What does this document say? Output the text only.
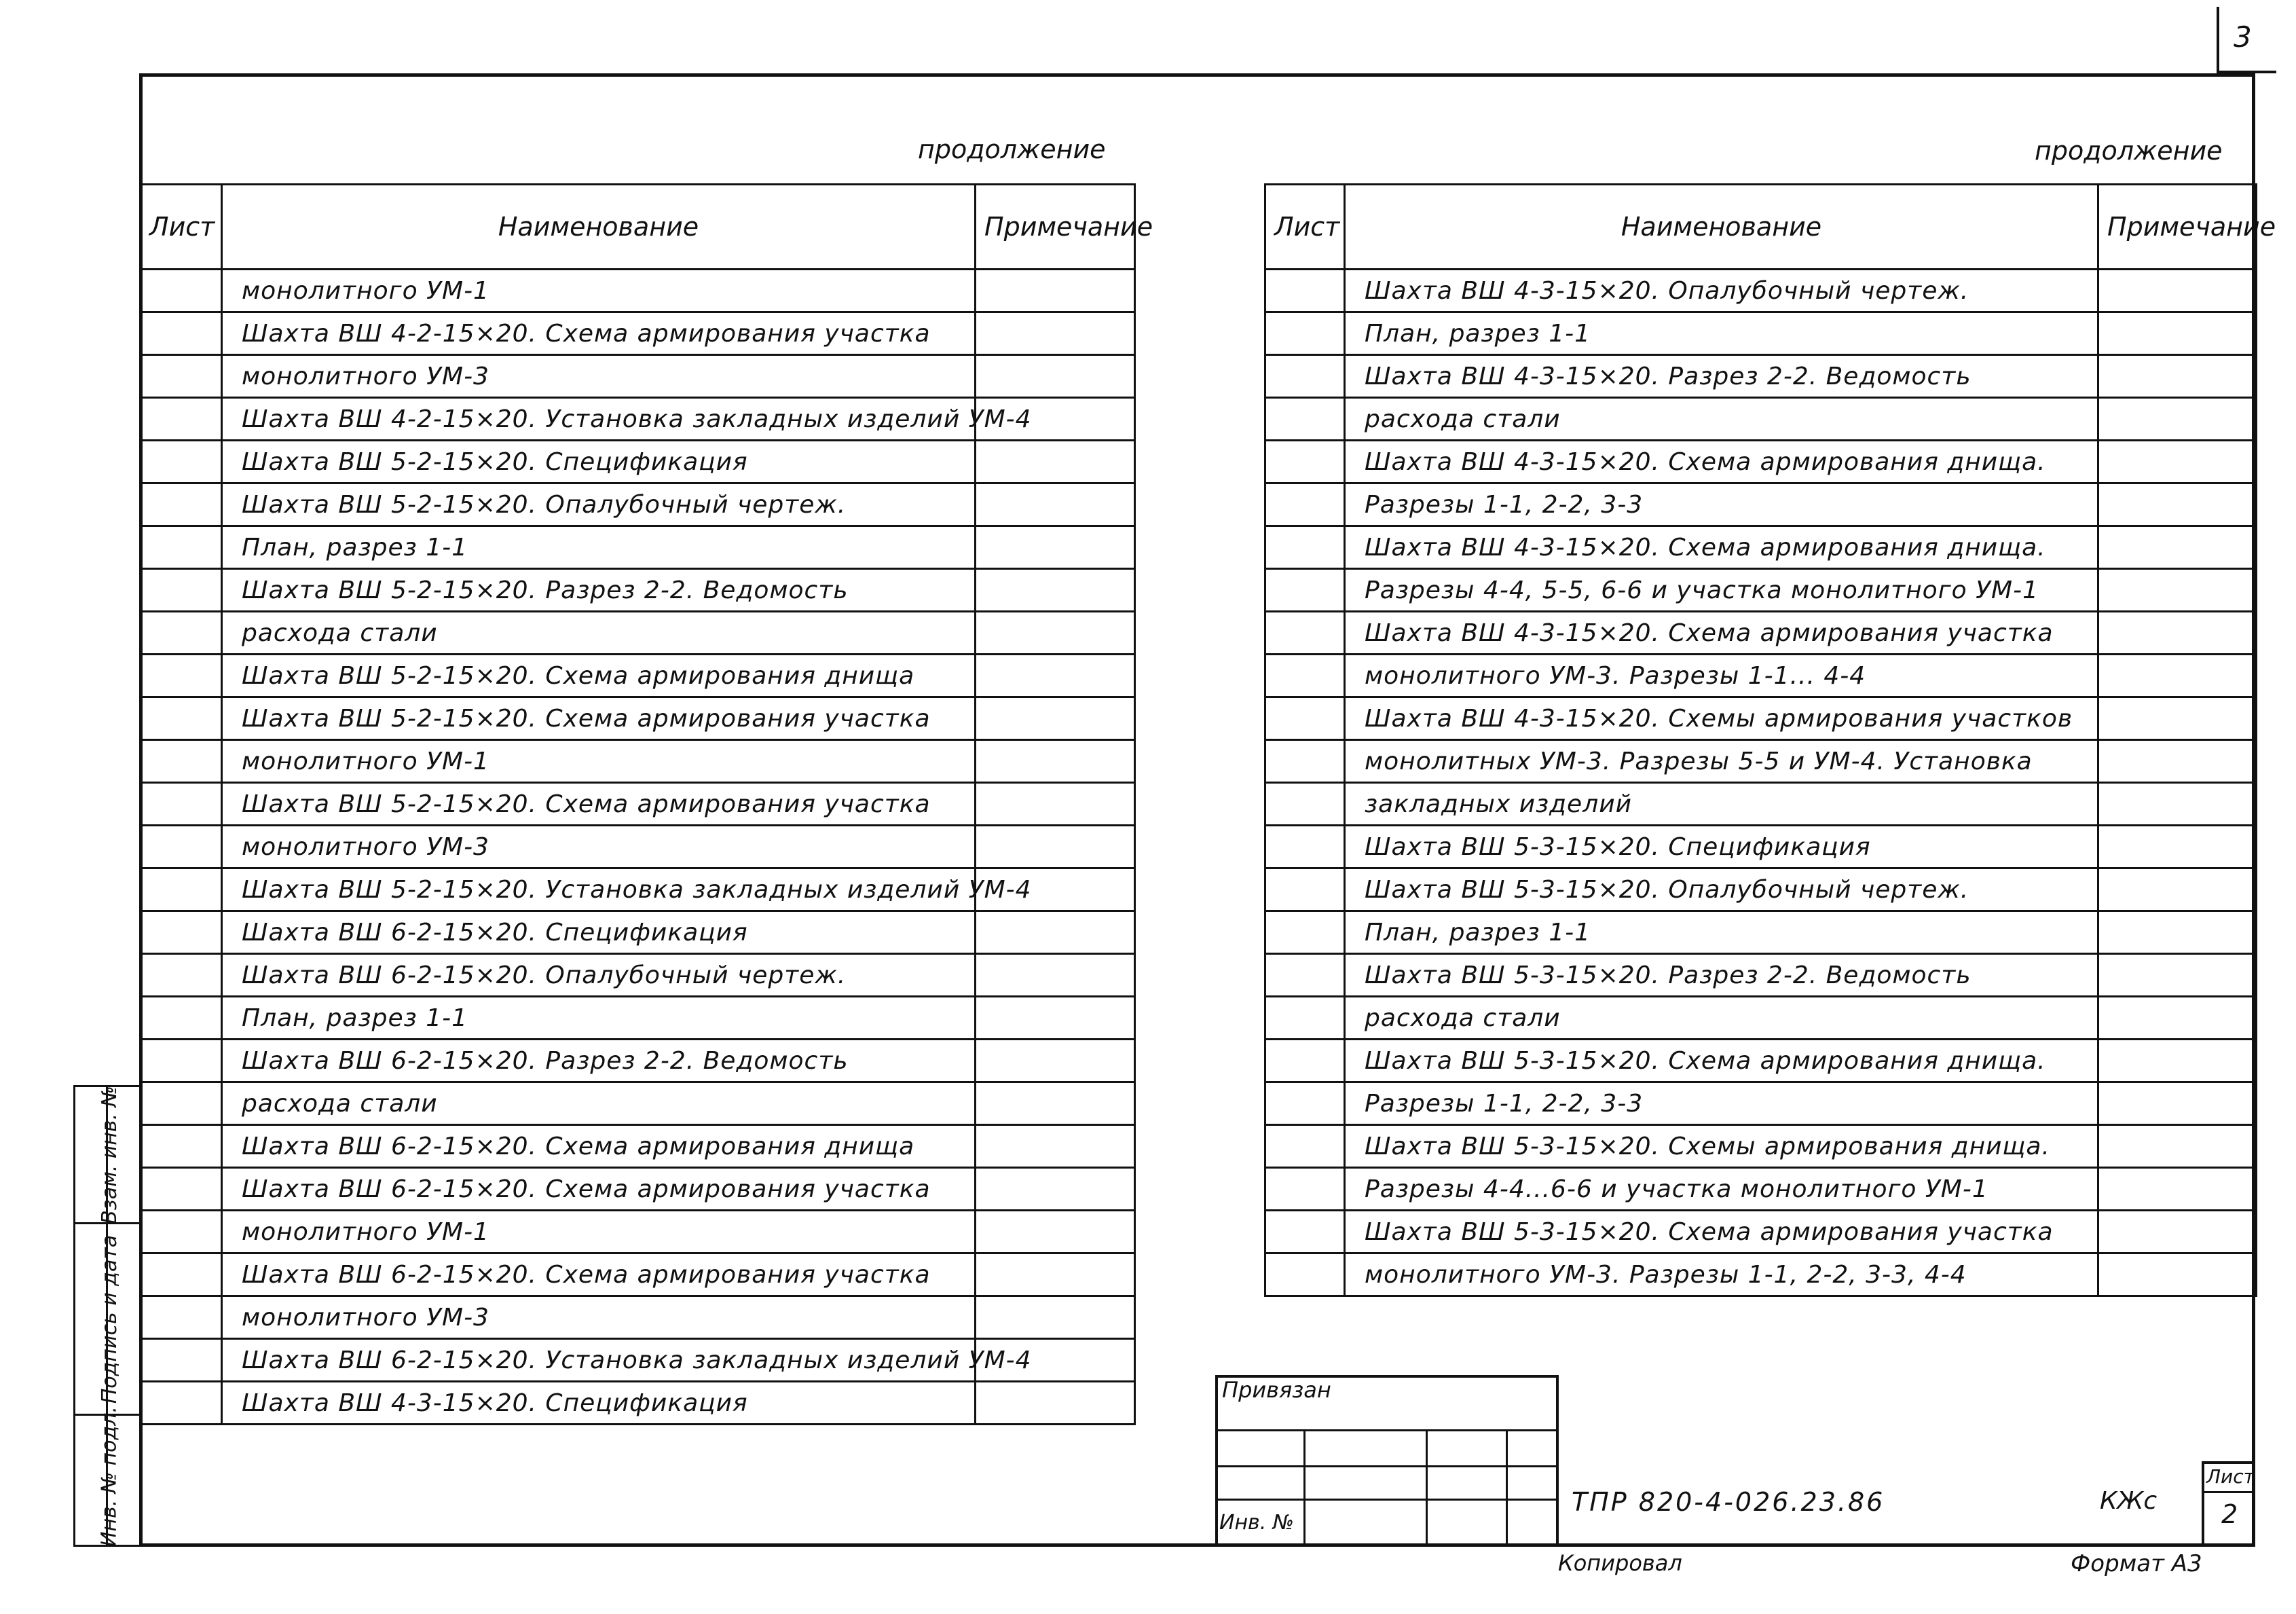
3
продолжение	продолжение
Лист	Наименование	Примечание
	монолитного УМ-1	
	Шахта ВШ 4-2-15×20. Схема армирования участка	
	монолитного УМ-3	
	Шахта ВШ 4-2-15×20. Установка закладных изделий УМ-4	
	Шахта ВШ 5-2-15×20. Спецификация	
	Шахта ВШ 5-2-15×20. Опалубочный чертеж.	
	План, разрез 1-1	
	Шахта ВШ 5-2-15×20. Разрез 2-2. Ведомость	
	расхода стали	
	Шахта ВШ 5-2-15×20. Схема армирования днища	
	Шахта ВШ 5-2-15×20. Схема армирования участка	
	монолитного УМ-1	
	Шахта ВШ 5-2-15×20. Схема армирования участка	
	монолитного УМ-3	
	Шахта ВШ 5-2-15×20. Установка закладных изделий УМ-4	
	Шахта ВШ 6-2-15×20. Спецификация	
	Шахта ВШ 6-2-15×20. Опалубочный чертеж.	
	План, разрез 1-1	
	Шахта ВШ 6-2-15×20. Разрез 2-2. Ведомость	
	расхода стали	
	Шахта ВШ 6-2-15×20. Схема армирования днища	
	Шахта ВШ 6-2-15×20. Схема армирования участка	
	монолитного УМ-1	
	Шахта ВШ 6-2-15×20. Схема армирования участка	
	монолитного УМ-3	
	Шахта ВШ 6-2-15×20. Установка закладных изделий УМ-4	
	Шахта ВШ 4-3-15×20. Спецификация	
Лист	Наименование	Примечание
	Шахта ВШ 4-3-15×20. Опалубочный чертеж.	
	План, разрез 1-1	
	Шахта ВШ 4-3-15×20. Разрез 2-2. Ведомость	
	расхода стали	
	Шахта ВШ 4-3-15×20. Схема армирования днища.	
	Разрезы 1-1, 2-2, 3-3	
	Шахта ВШ 4-3-15×20. Схема армирования днища.	
	Разрезы 4-4, 5-5, 6-6 и участка монолитного УМ-1	
	Шахта ВШ 4-3-15×20. Схема армирования участка	
	монолитного УМ-3. Разрезы 1-1... 4-4	
	Шахта ВШ 4-3-15×20. Схемы армирования участков	
	монолитных УМ-3. Разрезы 5-5 и УМ-4. Установка	
	закладных изделий	
	Шахта ВШ 5-3-15×20. Спецификация	
	Шахта ВШ 5-3-15×20. Опалубочный чертеж.	
	План, разрез 1-1	
	Шахта ВШ 5-3-15×20. Разрез 2-2. Ведомость	
	расхода стали	
	Шахта ВШ 5-3-15×20. Схема армирования днища.	
	Разрезы 1-1, 2-2, 3-3	
	Шахта ВШ 5-3-15×20. Схемы армирования днища.	
	Разрезы 4-4...6-6 и участка монолитного УМ-1	
	Шахта ВШ 5-3-15×20. Схема армирования участка	
	монолитного УМ-3. Разрезы 1-1, 2-2, 3-3, 4-4	
Взам. инв. №
Подпись и дата
Инв. № подл.
Привязан
Инв. №
ТПР 820-4-026.23.86	КЖс
Лист
2
Копировал	Формат А3
